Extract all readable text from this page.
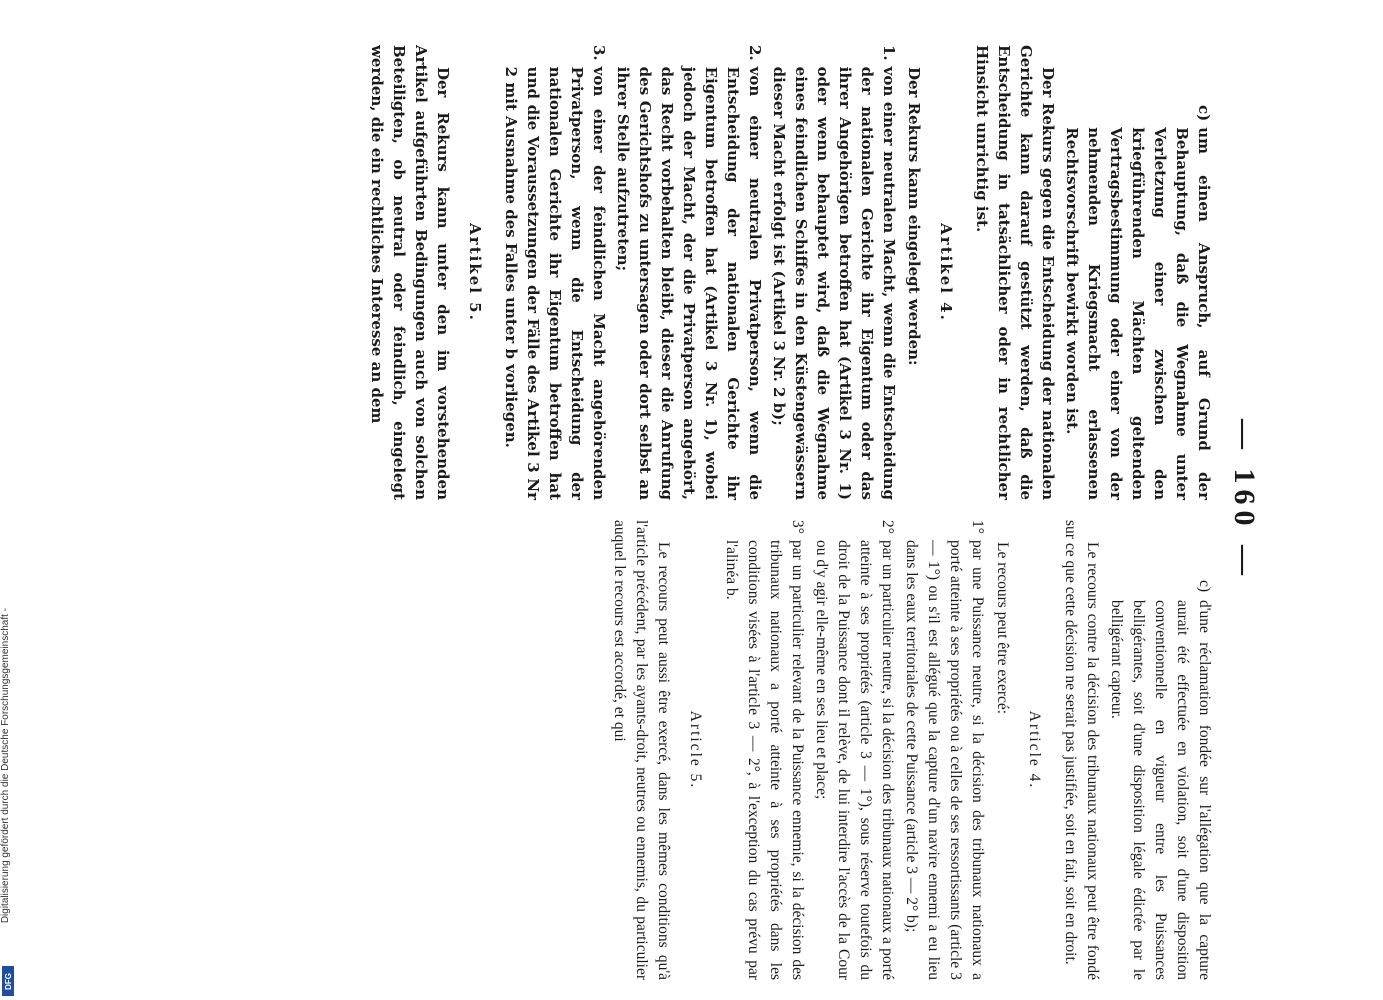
— 160 —
c)
d'une réclamation fondée sur l'allégation que la capture aurait été effectuée en violation, soit d'une disposition conventionnelle en vigueur entre les Puissances belligérantes, soit d'une disposition légale édictée par le belligérant capteur.

Le recours contre la décision des tribunaux nationaux peut être fondé sur ce que cette décision ne serait pas justifiée, soit en fait, soit en droit.

Article 4.

Le recours peut être exercé:

1°
par une Puissance neutre, si la décision des tribunaux nationaux a porté atteinte à ses propriétés ou à celles de ses ressortissants (article 3 — 1°) ou s'il est allégué que la capture d'un navire ennemi a eu lieu dans les eaux territoriales de cette Puissance (article 3 — 2° b);
2°
par un particulier neutre, si la décision des tribunaux nationaux a porté atteinte à ses propriétés (article 3 — 1°), sous réserve toutefois du droit de la Puissance dont il relève, de lui interdire l'accès de la Cour ou d'y agir elle-même en ses lieu et place;
3°
par un particulier relevant de la Puissance ennemie, si la décision des tribunaux nationaux a porté atteinte à ses propriétés dans les conditions visées à l'article 3 — 2°, à l'exception du cas prévu par l'alinéa b.
Article 5.

Le recours peut aussi être exercé, dans les mêmes conditions qu'à l'article précédent, par les ayants-droit, neutres ou ennemis, du particulier auquel le recours est accordé, et qui

c)
um einen Anspruch, auf Grund der Behauptung, daß die Wegnahme unter Verletzung einer zwischen den kriegführenden Mächten geltenden Vertragsbestimmung oder einer von der nehmenden Kriegsmacht erlassenen Rechtsvorschrift bewirkt worden ist.

Der Rekurs gegen die Entscheidung der nationalen Gerichte kann darauf gestützt werden, daß die Entscheidung in tatsächlicher oder in rechtlicher Hinsicht unrichtig ist.

Artikel 4.

Der Rekurs kann eingelegt werden:

1.
von einer neutralen Macht, wenn die Entscheidung der nationalen Gerichte ihr Eigentum oder das ihrer Angehörigen betroffen hat (Artikel 3 Nr. 1) oder wenn behauptet wird, daß die Wegnahme eines feindlichen Schiffes in den Küstengewässern dieser Macht erfolgt ist (Artikel 3 Nr. 2 b);
2.
von einer neutralen Privatperson, wenn die Entscheidung der nationalen Gerichte ihr Eigentum betroffen hat (Artikel 3 Nr. 1), wobei jedoch der Macht, der die Privatperson angehört, das Recht vorbehalten bleibt, dieser die Anrufung des Gerichtshofs zu untersagen oder dort selbst an ihrer Stelle aufzutreten;
3.
von einer der feindlichen Macht angehörenden Privatperson, wenn die Entscheidung der nationalen Gerichte ihr Eigentum betroffen hat und die Voraussetzungen der Fälle des Artikel 3 Nr 2 mit Ausnahme des Falles unter b vorliegen.
Artikel 5.

Der Rekurs kann unter den im vorstehenden Artikel aufgeführten Bedingungen auch von solchen Beteiligten, ob neutral oder feindlich, eingelegt werden, die ein rechtliches Interesse an dem

Digitalisierung gefördert durch die Deutsche Forschungsgemeinschaft -
DFG
